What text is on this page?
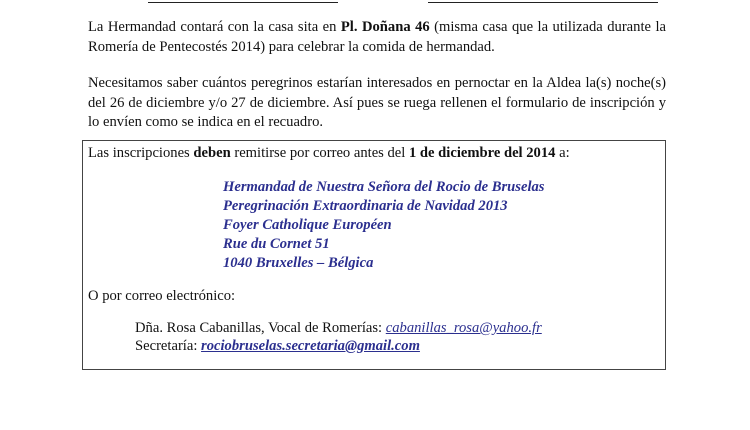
La Hermandad contará con la casa sita en Pl. Doñana 46 (misma casa que la utilizada durante la Romería de Pentecostés 2014) para celebrar la comida de hermandad.

Necesitamos saber cuántos peregrinos estarían interesados en pernoctar en la Aldea la(s) noche(s) del 26 de diciembre y/o 27 de diciembre. Así pues se ruega rellenen el formulario de inscripción y lo envíen como se indica en el recuadro.

Las inscripciones deben remitirse por correo antes del 1 de diciembre del 2014 a:
Hermandad de Nuestra Señora del Rocio de Bruselas
Peregrinación Extraordinaria de Navidad 2013
Foyer Catholique Européen
Rue du Cornet 51
1040 Bruxelles – Bélgica
O por correo electrónico:
Dña. Rosa Cabanillas, Vocal de Romerías: cabanillas_rosa@yahoo.fr
Secretaría: rociobruselas.secretaria@gmail.com
